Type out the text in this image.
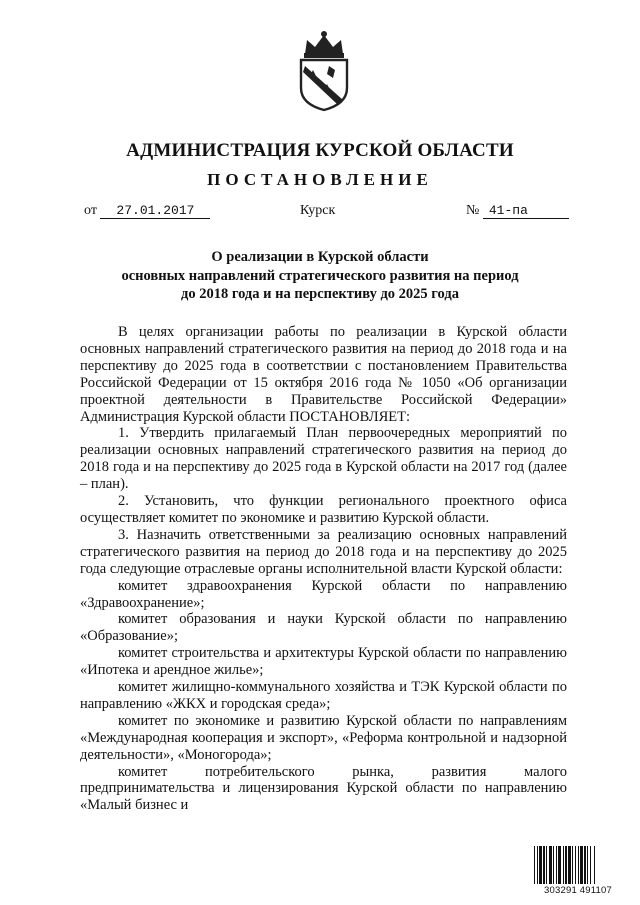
АДМИНИСТРАЦИЯ КУРСКОЙ ОБЛАСТИ
ПОСТАНОВЛЕНИЕ
от 27.01.2017	Курск	№ 41-па
О реализации в Курской области
основных направлений стратегического развития на период
до 2018 года и на перспективу до 2025 года

В целях организации работы по реализации в Курской области основных направлений стратегического развития на период до 2018 года и на перспективу до 2025 года в соответствии с постановлением Правительства Российской Федерации от 15 октября 2016 года № 1050 «Об организации проектной деятельности в Правительстве Российской Федерации» Администрация Курской области ПОСТАНОВЛЯЕТ:

1. Утвердить прилагаемый План первоочередных мероприятий по реализации основных направлений стратегического развития на период до 2018 года и на перспективу до 2025 года в Курской области на 2017 год (далее – план).

2. Установить, что функции регионального проектного офиса осуществляет комитет по экономике и развитию Курской области.

3. Назначить ответственными за реализацию основных направлений стратегического развития на период до 2018 года и на перспективу до 2025 года следующие отраслевые органы исполнительной власти Курской области:

комитет здравоохранения Курской области по направлению «Здравоохранение»;

комитет образования и науки Курской области по направлению «Образование»;

комитет строительства и архитектуры Курской области по направлению «Ипотека и арендное жилье»;

комитет жилищно-коммунального хозяйства и ТЭК Курской области по направлению «ЖКХ и городская среда»;

комитет по экономике и развитию Курской области по направлениям «Международная кооперация и экспорт», «Реформа контрольной и надзорной деятельности», «Моногорода»;

комитет потребительского рынка, развития малого предпринимательства и лицензирования Курской области по направлению «Малый бизнес и

303291 491107
